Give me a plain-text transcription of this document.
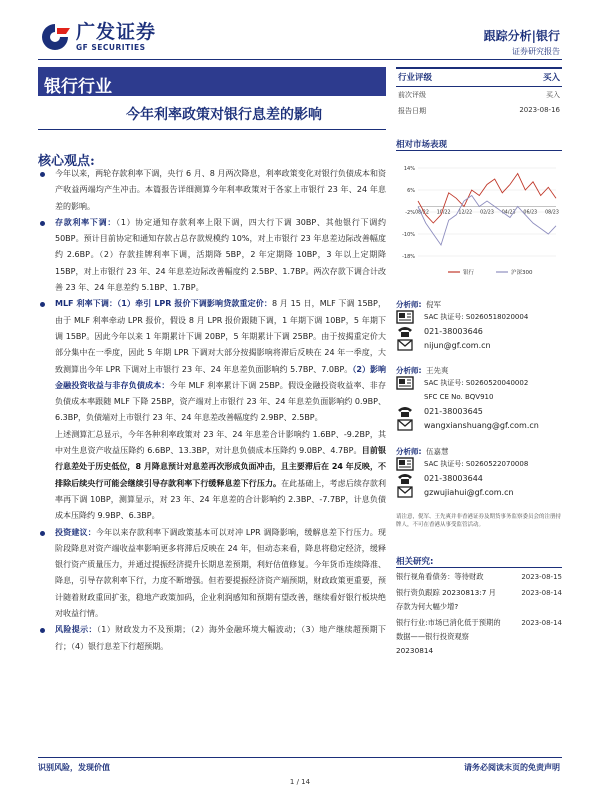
广发证券
GF SECURITIES
跟踪分析|银行
证券研究报告
银行行业
今年利率政策对银行息差的影响
核心观点:

今年以来，两轮存款利率下调，央行 6 月、8 月两次降息，利率政策变化对银行负债成本和资产收益两端均产生冲击。本篇报告详细测算今年利率政策对于各家上市银行 23 年、24 年息差的影响。

存款利率下调：（1）协定通知存款利率上限下调，四大行下调 30BP、其他银行下调约 50BP。预计目前协定和通知存款占总存款规模约 10%，对上市银行 23 年息差边际改善幅度约 2.6BP。（2）存款挂牌利率下调，活期降 5BP，2 年定期降 10BP，3 年以上定期降 15BP，对上市银行 23 年、24 年息差边际改善幅度约 2.5BP、1.7BP。两次存款下调合计改善 23 年、24 年息差约 5.1BP、1.7BP。

MLF 利率下调：（1）牵引 LPR 报价下调影响贷款重定价：8 月 15 日，MLF 下调 15BP，由于 MLF 利率牵动 LPR 报价，假设 8 月 LPR 报价跟随下调，1 年期下调 10BP，5 年期下调 15BP。因此今年以来 1 年期累计下调 20BP，5 年期累计下调 25BP。由于按揭重定价大部分集中在一季度，因此 5 年期 LPR 下调对大部分按揭影响将滞后反映在 24 年一季度，大致测算出今年 LPR 下调对上市银行 23 年、24 年息差负面影响约 5.7BP、7.0BP。（2）影响金融投资收益与非存负债成本：今年 MLF 利率累计下调 25BP。假设金融投资收益率、非存负债成本率跟随 MLF 下降 25BP，资产端对上市银行 23 年、24 年息差负面影响约 0.9BP、6.3BP，负债端对上市银行 23 年、24 年息差改善幅度约 2.9BP、2.5BP。

上述测算汇总显示，今年各种利率政策对 23 年、24 年息差合计影响约 1.6BP、-9.2BP，其中对生息资产收益压降约 6.6BP、13.3BP，对计息负债成本压降约 9.0BP、4.7BP。目前银行息差处于历史低位，8 月降息预计对息差再次形成负面冲击，且主要滞后在 24 年反映，不排除后续央行可能会继续引导存款利率下行缓释息差下行压力。在此基础上，考虑后续存款利率再下调 10BP，测算显示，对 23 年、24 年息差的合计影响约 2.3BP、-7.7BP，计息负债成本压降约 9.9BP、6.3BP。

投资建议：今年以来存款利率下调政策基本可以对冲 LPR 调降影响，缓解息差下行压力。现阶段降息对资产端收益率影响更多将滞后反映在 24 年，但动态来看，降息将稳定经济，缓释银行资产质量压力，并通过提振经济提升长期息差预期，利好估值修复。今年货币连续降准、降息，引导存款利率下行，力度不断增强。但若要提振经济资产端预期，财政政策更重要，预计随着财政重回扩张，稳地产政策加码，企业利润感知和预期有望改善，继续看好银行板块绝对收益行情。

风险提示：（1）财政发力不及预期；（2）海外金融环境大幅波动；（3）地产继续超预期下行；（4）银行息差下行超预期。

行业评级	买入
前次评级	买入
报告日期	2023-08-16
相对市场表现
14%
6%
-2%
-10%
-18%
08/22 10/22 12/22 02/23 04/23 06/23 08/23
银行	沪深300
分析师: 倪军
SAC 执证号: S0260518020004
021-38003646
nijun@gf.com.cn
分析师: 王先爽
SAC 执证号: S0260520040002
SFC CE No. BQV910
021-38003645
wangxianshuang@gf.com.cn
分析师: 伍嘉慧
SAC 执证号: S0260522070008
021-38003644
gzwujiahui@gf.com.cn
请注意，倪军、王先爽并非香港证券及期货事务监察委员会的注册持牌人，不可在香港从事受监管活动。
相关研究:
银行视角看债务：等待财政	2023-08-15
银行资负跟踪 20230813:7 月存款为何大幅少增?
2023-08-14
银行行业:市场已消化低于预期的数据——银行投资观察 20230814
2023-08-14
识别风险，发现价值	请务必阅读末页的免责声明
1 / 14
